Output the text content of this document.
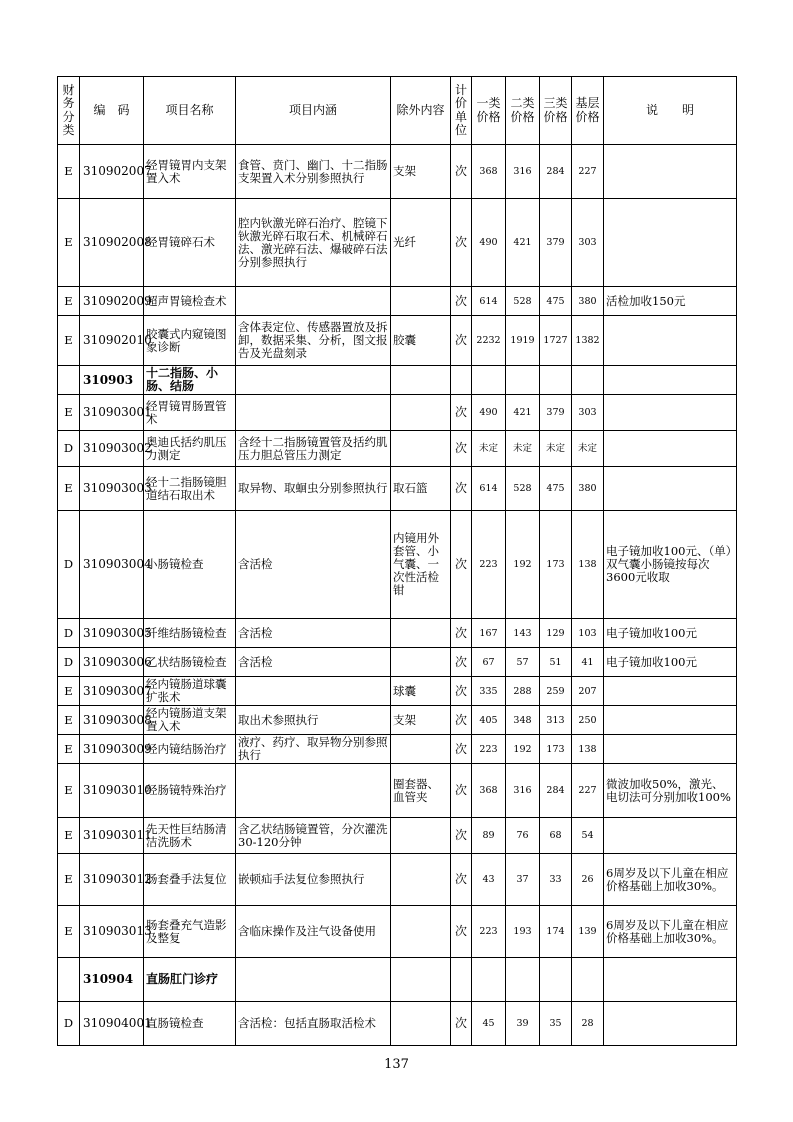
财务分类	编　码	项目名称	项目内涵	除外内容	计价单位	一类价格	二类价格	三类价格	基层价格	说　　明
E	310902007	经胃镜胃内支架置入术	食管、贲门、幽门、十二指肠支架置入术分别参照执行	支架	次	368	316	284	227	
E	310902008	经胃镜碎石术	腔内钬激光碎石治疗、腔镜下钬激光碎石取石术、机械碎石法、激光碎石法、爆破碎石法分别参照执行	光纤	次	490	421	379	303	
E	310902009	超声胃镜检查术			次	614	528	475	380	活检加收150元
E	310902010	胶囊式内窥镜图象诊断	含体表定位、传感器置放及拆卸，数据采集、分析，图文报告及光盘刻录	胶囊	次	2232	1919	1727	1382	
	310903	十二指肠、小肠、结肠								
E	310903001	经胃镜胃肠置管术			次	490	421	379	303	
D	310903002	奥迪氏括约肌压力测定	含经十二指肠镜置管及括约肌压力胆总管压力测定		次	未定	未定	未定	未定	
E	310903003	经十二指肠镜胆道结石取出术	取异物、取蛔虫分别参照执行	取石篮	次	614	528	475	380	
D	310903004	小肠镜检查	含活检	内镜用外套管、小气囊、一次性活检钳	次	223	192	173	138	电子镜加收100元、（单）双气囊小肠镜按每次3600元收取
D	310903005	纤维结肠镜检查	含活检		次	167	143	129	103	电子镜加收100元
D	310903006	乙状结肠镜检查	含活检		次	67	57	51	41	电子镜加收100元
E	310903007	经内镜肠道球囊扩张术		球囊	次	335	288	259	207	
E	310903008	经内镜肠道支架置入术	取出术参照执行	支架	次	405	348	313	250	
E	310903009	经内镜结肠治疗	液疗、药疗、取异物分别参照执行		次	223	192	173	138	
E	310903010	经肠镜特殊治疗		圈套器、血管夹	次	368	316	284	227	微波加收50%，激光、电切法可分别加收100%
E	310903011	先天性巨结肠清洁洗肠术	含乙状结肠镜置管，分次灌洗30-120分钟		次	89	76	68	54	
E	310903012	肠套叠手法复位	嵌顿疝手法复位参照执行		次	43	37	33	26	6周岁及以下儿童在相应价格基础上加收30%。
E	310903013	肠套叠充气造影及整复	含临床操作及注气设备使用		次	223	193	174	139	6周岁及以下儿童在相应价格基础上加收30%。
	310904	直肠肛门诊疗								
D	310904001	直肠镜检查	含活检：包括直肠取活检术		次	45	39	35	28	
137
